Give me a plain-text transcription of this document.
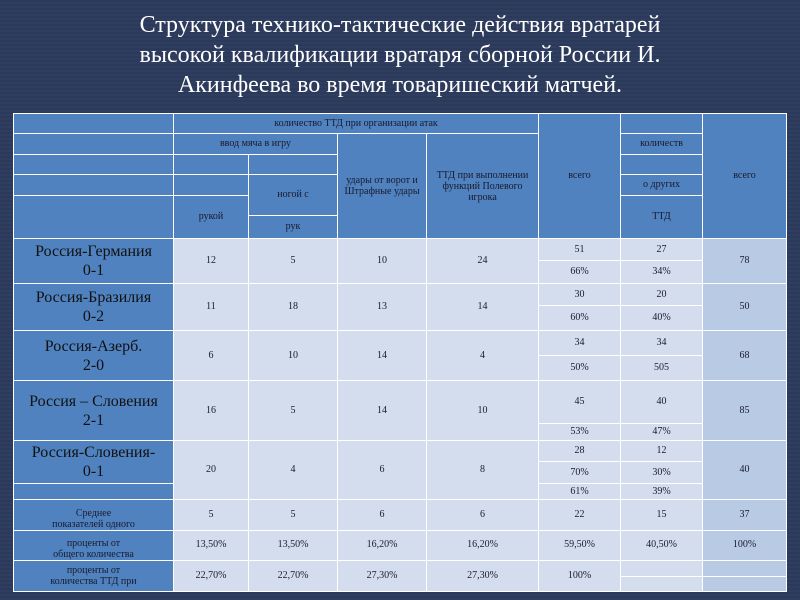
Структура технико-тактические действия вратарей
высокой квалификации вратаря сборной России И.
Акинфеева во время товаришеский матчей.
	количество ТТД при организации атак				всего		всего
	ввод мяча в игру		удары от ворот и Штрафные удары	ТТД при выполнении функций Полевого игрока		количеств	

		ногой с				о других	
	рукой					ТТД	
		рук					

Россия-Германия
0-1	12	5	10	24	51	27	78
					66%	34%	

Россия-Бразилия
0-2	11	18	13	14	30	20	50
					60%	40%	

Россия-Азерб.
2-0	6	10	14	4	34	34	68
					50%	505	

Россия – Словения
2-1	16	5	14	10	45	40	85
					53%	47%	

Россия-Словения-
0-1	20	4	6	8	28	12	40
					70%	30%	
					61%	39%	

Среднее
показателей одного	5	5	6	6	22	15	37

проценты от
общего количества	13,50%	13,50%	16,20%	16,20%	59,50%	40,50%	100%

проценты от
количества ТТД при	22,70%	22,70%	27,30%	27,30%	100%		
